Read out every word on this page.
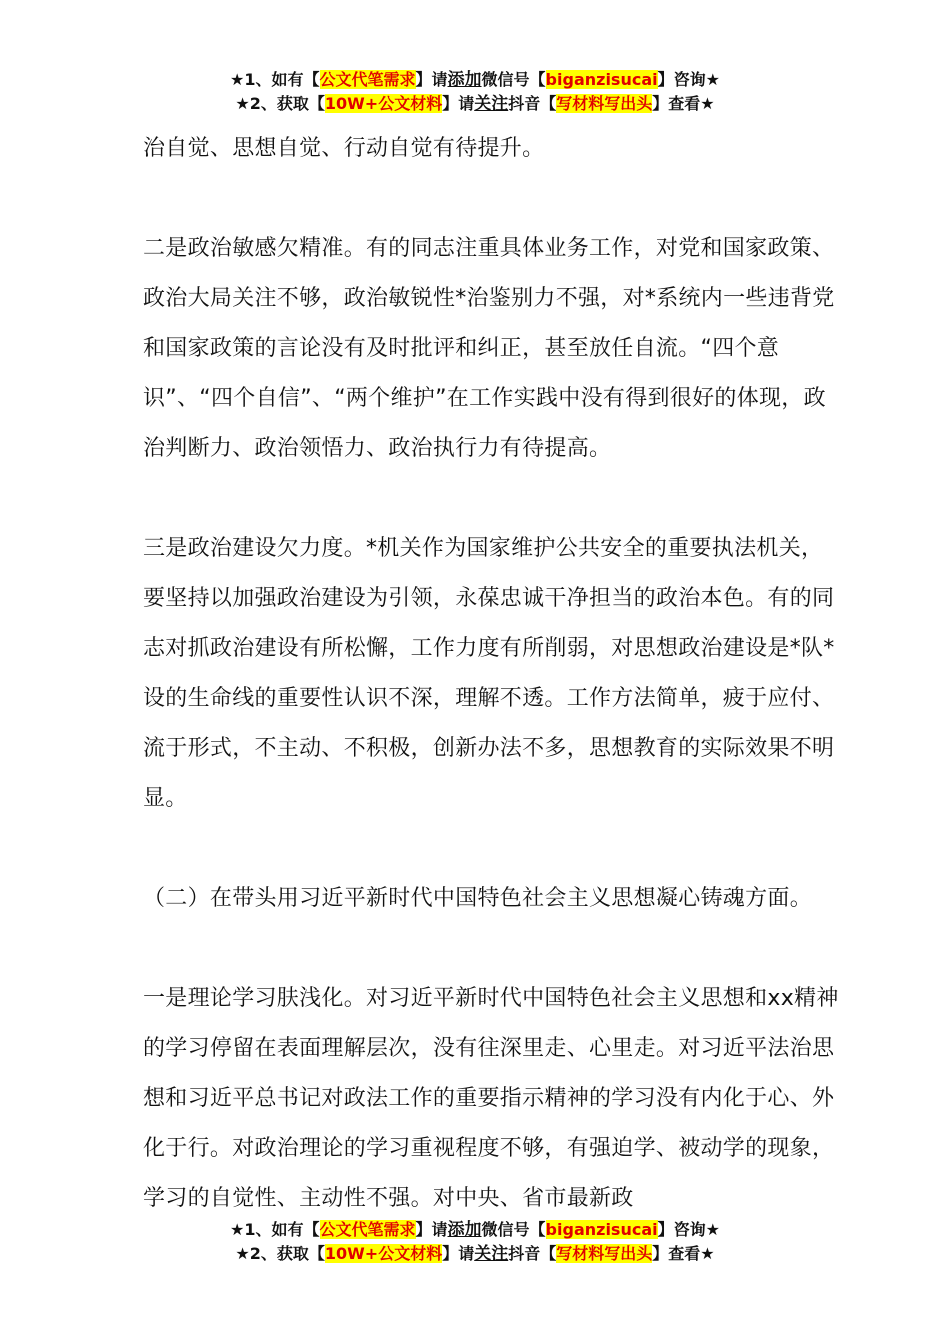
★1、如有【公文代笔需求】请添加微信号【biganzisucai】咨询★
★2、获取【10W+公文材料】请关注抖音【写材料写出头】查看★

治自觉、思想自觉、行动自觉有待提升。

二是政治敏感欠精准。有的同志注重具体业务工作，对党和国家政策、政治大局关注不够，政治敏锐性*治鉴别力不强，对*系统内一些违背党和国家政策的言论没有及时批评和纠正，甚至放任自流。“四个意识”、“四个自信”、“两个维护”在工作实践中没有得到很好的体现，政治判断力、政治领悟力、政治执行力有待提高。

三是政治建设欠力度。*机关作为国家维护公共安全的重要执法机关，要坚持以加强政治建设为引领，永葆忠诚干净担当的政治本色。有的同志对抓政治建设有所松懈，工作力度有所削弱，对思想政治建设是*队*设的生命线的重要性认识不深，理解不透。工作方法简单，疲于应付、流于形式，不主动、不积极，创新办法不多，思想教育的实际效果不明显。

（二）在带头用习近平新时代中国特色社会主义思想凝心铸魂方面。

一是理论学习肤浅化。对习近平新时代中国特色社会主义思想和xx精神的学习停留在表面理解层次，没有往深里走、心里走。对习近平法治思想和习近平总书记对政法工作的重要指示精神的学习没有内化于心、外化于行。对政治理论的学习重视程度不够，有强迫学、被动学的现象，学习的自觉性、主动性不强。对中央、省市最新政

★1、如有【公文代笔需求】请添加微信号【biganzisucai】咨询★
★2、获取【10W+公文材料】请关注抖音【写材料写出头】查看★
